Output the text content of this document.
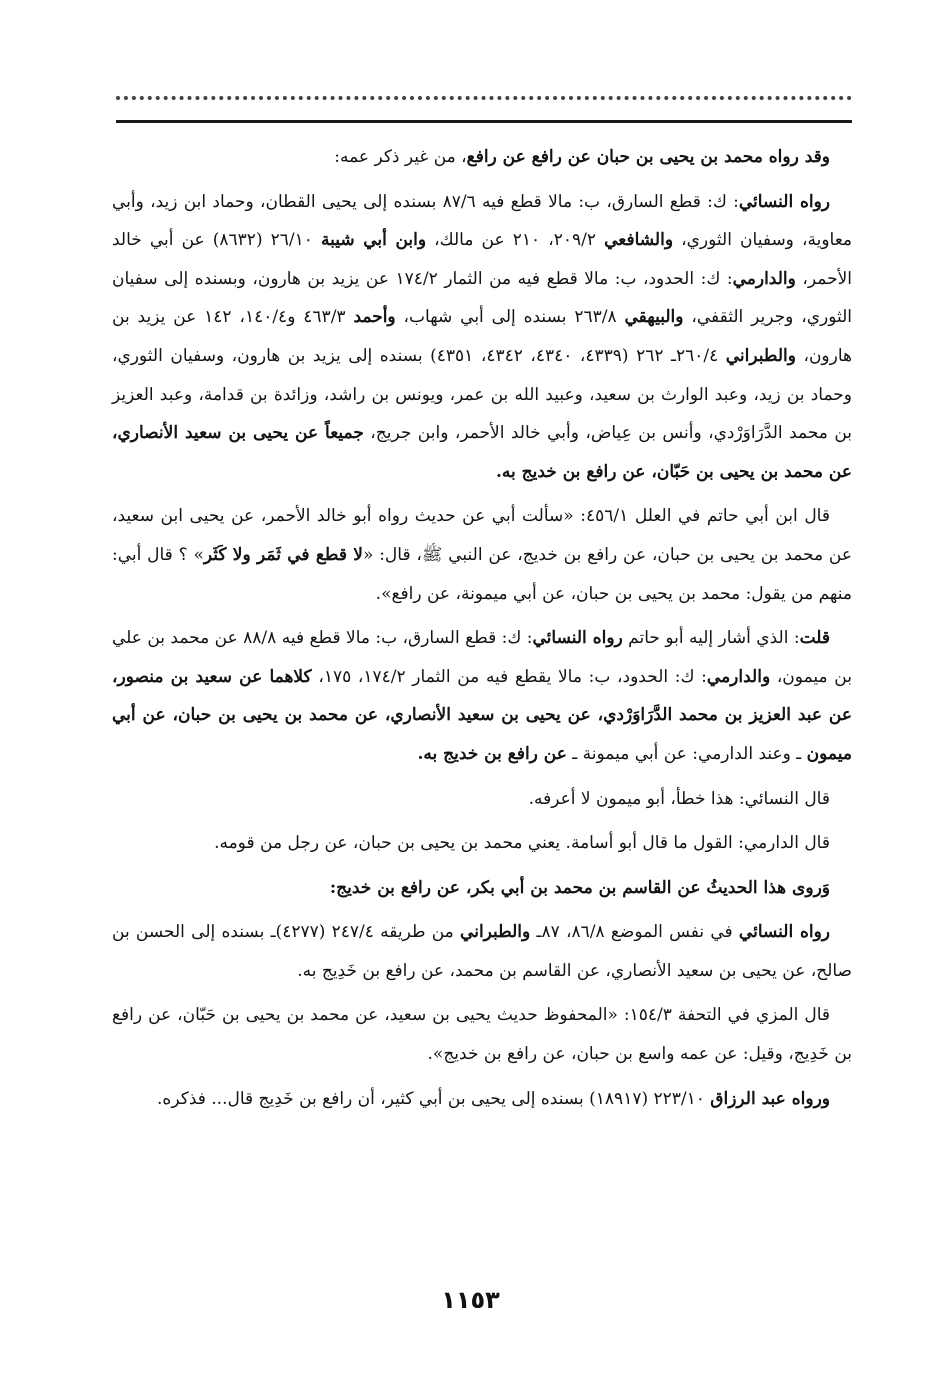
وقد رواه محمد بن يحيى بن حبان عن رافع عن رافع، من غير ذكر عمه:

رواه النسائي: ك: قطع السارق، ب: مالا قطع فيه ٨٧/٦ بسنده إلى يحيى القطان، وحماد ابن زيد، وأبي معاوية، وسفيان الثوري، والشافعي ٢٠٩/٢، ٢١٠ عن مالك، وابن أبي شيبة ٢٦/١٠ (٨٦٣٢) عن أبي خالد الأحمر، والدارمي: ك: الحدود، ب: مالا قطع فيه من الثمار ١٧٤/٢ عن يزيد بن هارون، وبسنده إلى سفيان الثوري، وجرير الثقفي، والبيهقي ٢٦٣/٨ بسنده إلى أبي شهاب، وأحمد ٤٦٣/٣ و١٤٠/٤، ١٤٢ عن يزيد بن هارون، والطبراني ٢٦٠/٤ـ ٢٦٢ (٤٣٣٩، ٤٣٤٠، ٤٣٤٢، ٤٣٥١) بسنده إلى يزيد بن هارون، وسفيان الثوري، وحماد بن زيد، وعبد الوارث بن سعيد، وعبيد الله بن عمر، ويونس بن راشد، وزائدة بن قدامة، وعبد العزيز بن محمد الدَّرَاوَرْدي، وأنس بن عِياض، وأبي خالد الأحمر، وابن جريج، جميعاً عن يحيى بن سعيد الأنصاري، عن محمد بن يحيى بن حَبّان، عن رافع بن خديج به.

قال ابن أبي حاتم في العلل ٤٥٦/١: «سألت أبي عن حديث رواه أبو خالد الأحمر، عن يحيى ابن سعيد، عن محمد بن يحيى بن حبان، عن رافع بن خديج، عن النبي ﷺ، قال: «لا قطع في ثَمَر ولا كَثَر» ؟ قال أبي: منهم من يقول: محمد بن يحيى بن حبان، عن أبي ميمونة، عن رافع».

قلت: الذي أشار إليه أبو حاتم رواه النسائي: ك: قطع السارق، ب: مالا قطع فيه ٨٨/٨ عن محمد بن علي بن ميمون، والدارمي: ك: الحدود، ب: مالا يقطع فيه من الثمار ١٧٤/٢، ١٧٥، كلاهما عن سعيد بن منصور، عن عبد العزيز بن محمد الدَّرَاوَرْدي، عن يحيى بن سعيد الأنصاري، عن محمد بن يحيى بن حبان، عن أبي ميمون ـ وعند الدارمي: عن أبي ميمونة ـ عن رافع بن خديج به.

قال النسائي: هذا خطأ، أبو ميمون لا أعرفه.

قال الدارمي: القول ما قال أبو أسامة. يعني محمد بن يحيى بن حبان، عن رجل من قومه.

وَروى هذا الحديثُ عن القاسم بن محمد بن أبي بكر، عن رافع بن خديج:

رواه النسائي في نفس الموضع ٨٦/٨، ٨٧ـ والطبراني من طريقه ٢٤٧/٤ (٤٢٧٧)ـ بسنده إلى الحسن بن صالح، عن يحيى بن سعيد الأنصاري، عن القاسم بن محمد، عن رافع بن خَدِيج به.

قال المزي في التحفة ١٥٤/٣: «المحفوظ حديث يحيى بن سعيد، عن محمد بن يحيى بن حَبّان، عن رافع بن خَدِيج، وقيل: عن عمه واسع بن حبان، عن رافع بن خديج».

ورواه عبد الرزاق ٢٢٣/١٠ (١٨٩١٧) بسنده إلى يحيى بن أبي كثير، أن رافع بن خَدِيج قال... فذكره.

١١٥٣
